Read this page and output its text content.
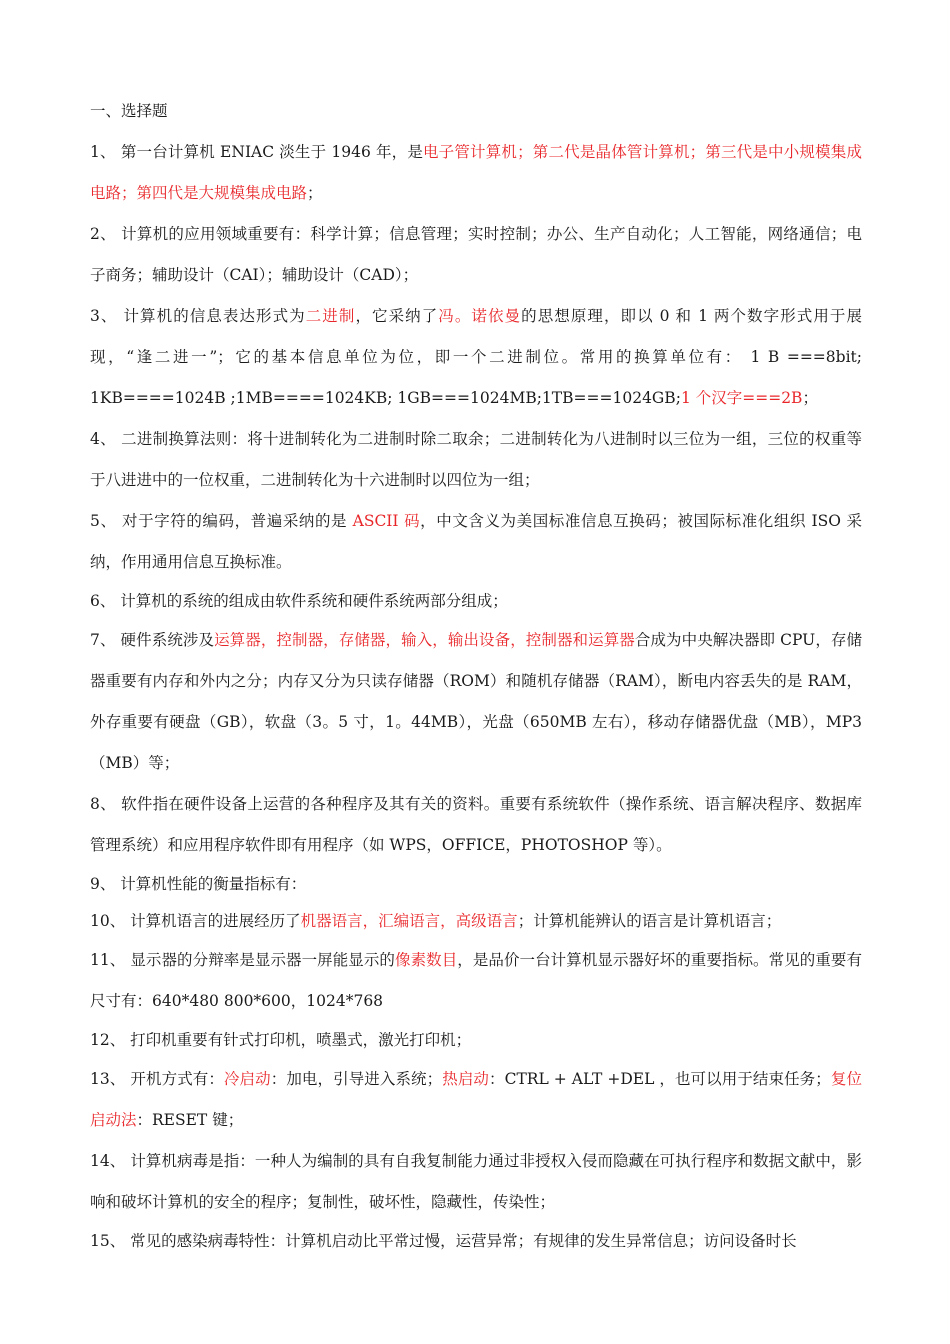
一、选择题

1、 第一台计算机 ENIAC 淡生于 1946 年，是电子管计算机；第二代是晶体管计算机；第三代是中小规模集成电路；第四代是大规模集成电路；

2、 计算机的应用领域重要有：科学计算；信息管理；实时控制；办公、生产自动化；人工智能，网络通信；电子商务；辅助设计（CAI）；辅助设计（CAD）；

3、 计算机的信息表达形式为二进制，它采纳了冯。诺依曼的思想原理，即以 0 和 1 两个数字形式用于展现，“逢二进一”；它的基本信息单位为位，即一个二进制位。常用的换算单位有： 1 B ===8bit; 1KB====1024B ;1MB====1024KB; 1GB===1024MB;1TB===1024GB;1 个汉字===2B；

4、 二进制换算法则：将十进制转化为二进制时除二取余；二进制转化为八进制时以三位为一组，三位的权重等于八进进中的一位权重，二进制转化为十六进制时以四位为一组；

5、 对于字符的编码，普遍采纳的是 ASCII 码，中文含义为美国标准信息互换码；被国际标准化组织 ISO 采纳，作用通用信息互换标准。

6、 计算机的系统的组成由软件系统和硬件系统两部分组成；

7、 硬件系统涉及运算器，控制器，存储器，输入，输出设备，控制器和运算器合成为中央解决器即 CPU，存储器重要有内存和外内之分；内存又分为只读存储器（ROM）和随机存储器（RAM），断电内容丢失的是 RAM，外存重要有硬盘（GB），软盘（3。5 寸，1。44MB），光盘（650MB 左右），移动存储器优盘（MB），MP3（MB）等；

8、 软件指在硬件设备上运营的各种程序及其有关的资料。重要有系统软件（操作系统、语言解决程序、数据库管理系统）和应用程序软件即有用程序（如 WPS，OFFICE，PHOTOSHOP 等）。

9、 计算机性能的衡量指标有：

10、 计算机语言的进展经历了机器语言，汇编语言，高级语言；计算机能辨认的语言是计算机语言；

11、 显示器的分辩率是显示器一屏能显示的像素数目，是品价一台计算机显示器好坏的重要指标。常见的重要有尺寸有：640*480 800*600，1024*768

12、 打印机重要有针式打印机，喷墨式，激光打印机；

13、 开机方式有：冷启动：加电，引导进入系统；热启动：CTRL + ALT +DEL ，也可以用于结束任务；复位启动法：RESET 键；

14、 计算机病毒是指：一种人为编制的具有自我复制能力通过非授权入侵而隐藏在可执行程序和数据文献中，影响和破坏计算机的安全的程序；复制性，破坏性，隐藏性，传染性；

15、 常见的感染病毒特性：计算机启动比平常过慢，运营异常；有规律的发生异常信息；访问设备时长
